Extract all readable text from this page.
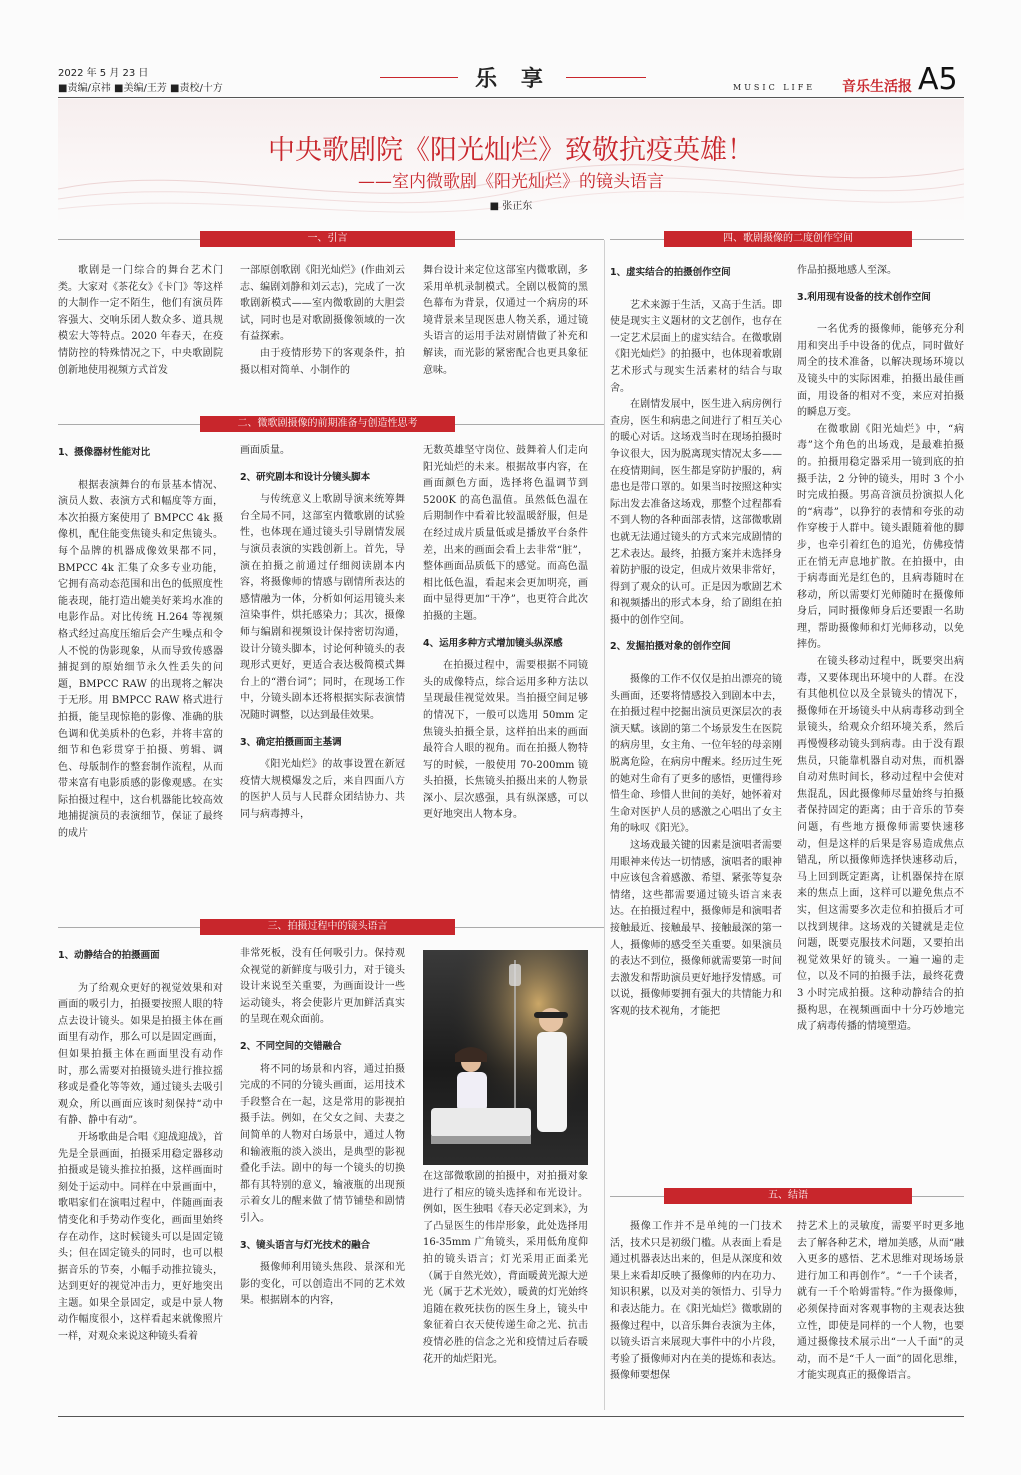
2022 年 5 月 23 日
■责编/京祎 ■美编/王芳 ■责校/十方	乐 享	MUSIC LIFE 音乐生活报 A5
中央歌剧院《阳光灿烂》致敬抗疫英雄！
——室内微歌剧《阳光灿烂》的镜头语言
■ 张正东
一、引言	四、歌剧摄像的二度创作空间

歌剧是一门综合的舞台艺术门类。大家对《茶花女》《卡门》等这样的大制作一定不陌生，他们有演员阵容强大、交响乐团人数众多、道具规模宏大等特点。2020 年春天，在疫情防控的特殊情况之下，中央歌剧院创新地使用视频方式首发

一部原创歌剧《阳光灿烂》(作曲刘云志、编剧刘静和刘云志)，完成了一次歌剧新模式——室内微歌剧的大胆尝试，同时也是对歌剧摄像领域的一次有益探索。

由于疫情形势下的客观条件，拍摄以相对简单、小制作的

舞台设计来定位这部室内微歌剧，多采用单机录制模式。全剧以极简的黑色幕布为背景，仅通过一个病房的环境背景来呈现医患人物关系，通过镜头语言的运用手法对剧情做了补充和解读，而光影的紧密配合也更具象征意味。

二、微歌剧摄像的前期准备与创造性思考

1、摄像器材性能对比

根据表演舞台的布景基本情况、演员人数、表演方式和幅度等方面，本次拍摄方案使用了 BMPCC 4k 摄像机，配住能变焦镜头和定焦镜头。每个品牌的机器成像效果都不同，BMPCC 4k 汇集了众多专业功能，它拥有高动态范围和出色的低照度性能表现，能打造出媲美好莱坞水准的电影作品。对比传统 H.264 等视频格式经过高度压缩后会产生噪点和令人不悦的伪影现象，从而导致传感器捕捉到的原始细节永久性丢失的问题，BMPCC RAW 的出现将之解决于无形。用 BMPCC RAW 格式进行拍摄，能呈现惊艳的影像、准确的肤色调和优美质朴的色彩，并将丰富的细节和色彩贯穿于拍摄、剪辑、调色、母版制作的整套制作流程，从而带来富有电影质感的影像观感。在实际拍摄过程中，这台机器能比较高效地捕捉演员的表演细节，保证了最终的成片

画面质量。

2、研究剧本和设计分镜头脚本

与传统意义上歌剧导演来统筹舞台全局不同，这部室内微歌剧的试验性，也体现在通过镜头引导剧情发展与演员表演的实践创新上。首先，导演在拍摄之前通过仔细阅读剧本内容，将摄像师的情感与剧情所表达的感情融为一体，分析如何运用镜头来渲染事件，烘托感染力；其次，摄像师与编剧和视频设计保持密切沟通，设计分镜头脚本，讨论何种镜头的表现形式更好，更适合表达极简模式舞台上的“潜台词”；同时，在现场工作中，分镜头剧本还将根据实际表演情况随时调整，以达到最佳效果。

3、确定拍摄画面主基调

《阳光灿烂》的故事设置在新冠疫情大规模爆发之后，来自四面八方的医护人员与人民群众团结协力、共同与病毒搏斗，

无数英雄坚守岗位、鼓舞着人们走向阳光灿烂的未来。根据故事内容，在画面颜色方面，选择将色温调节到 5200K 的高色温值。虽然低色温在后期制作中看着比较温暖舒服，但是在经过成片质量低或是播放平台条件差，出来的画面会看上去非常“脏”，整体画面品质低下的感觉。而高色温相比低色温，看起来会更加明亮，画面中显得更加“干净”，也更符合此次拍摄的主题。

4、运用多种方式增加镜头纵深感

在拍摄过程中，需要根据不同镜头的成像特点，综合运用多种方法以呈现最佳视觉效果。当拍摄空间足够的情况下，一般可以选用 50mm 定焦镜头拍摄全景，这样拍出来的画面最符合人眼的视角。而在拍摄人物特写的时候，一般使用 70-200mm 镜头拍摄，长焦镜头拍摄出来的人物景深小、层次感强，具有纵深感，可以更好地突出人物本身。

三、拍摄过程中的镜头语言

1、动静结合的拍摄画面

为了给观众更好的视觉效果和对画面的吸引力，拍摄要按照人眼的特点去设计镜头。如果是拍摄主体在画面里有动作，那么可以是固定画面，但如果拍摄主体在画面里没有动作时，那么需要对拍摄镜头进行推拉摇移或是叠化等等效，通过镜头去吸引观众，所以画面应该时刻保持“动中有静、静中有动”。

开场歌曲是合唱《迎战迎战》，首先是全景画面，拍摄采用稳定器移动拍摄或是镜头推拉拍摄，这样画面时刻处于运动中。同样在中景画面中，歌唱家们在演唱过程中，伴随画面表情变化和手势动作变化，画面里始终存在动作，这时候镜头可以是固定镜头；但在固定镜头的同时，也可以根据音乐的节奏，小幅手动推拉镜头，达到更好的视觉冲击力，更好地突出主题。如果全景固定，或是中景人物动作幅度很小，这样看起来就像照片一样，对观众来说这种镜头看着

非常死板，没有任何吸引力。保持观众视觉的新鲜度与吸引力，对于镜头设计来说至关重要，为画面设计一些运动镜头，将会使影片更加鲜活真实的呈现在观众面前。

2、不同空间的交错融合

将不同的场景和内容，通过拍摄完成的不同的分镜头画面，运用技术手段整合在一起，这是常用的影视拍摄手法。例如，在父女之间、夫妻之间简单的人物对白场景中，通过人物和输液瓶的淡入淡出，是典型的影视叠化手法。剧中的每一个镜头的切换都有其特别的意义，输液瓶的出现预示着女儿的醒来做了情节铺垫和剧情引入。

3、镜头语言与灯光技术的融合

摄像师利用镜头焦段、景深和光影的变化，可以创造出不同的艺术效果。根据剧本的内容，

在这部微歌剧的拍摄中，对拍摄对象进行了相应的镜头选择和布光设计。例如，医生独唱《春天必定到来》，为了凸显医生的伟岸形象，此处选择用 16-35mm 广角镜头，采用低角度仰拍的镜头语言；灯光采用正面柔光（属于自然光效），背面暖黄光源大逆光（属于艺术光效），暖黄的灯光始终追随在救死扶伤的医生身上，镜头中象征着白衣天使传递生命之光、抗击疫情必胜的信念之光和疫情过后春暖花开的灿烂阳光。

1、虚实结合的拍摄创作空间

艺术来源于生活，又高于生活。即使是现实主义题材的文艺创作，也存在一定艺术层面上的虚实结合。在微歌剧《阳光灿烂》的拍摄中，也体现着歌剧艺术形式与现实生活素材的结合与取舍。

在剧情发展中，医生进入病房例行查房，医生和病患之间进行了相互关心的暖心对话。这场戏当时在现场拍摄时争议很大，因为脱离现实情况太多——在疫情期间，医生都是穿防护服的，病患也是带口罩的。如果当时按照这种实际出发去准备这场戏，那整个过程都看不到人物的各种面部表情，这部微歌剧也就无法通过镜头的方式来完成剧情的艺术表达。最终，拍摄方案并未选择身着防护服的设定，但成片效果非常好，得到了观众的认可。正是因为歌剧艺术和视频播出的形式本身，给了剧组在拍摄中的创作空间。

2、发掘拍摄对象的创作空间

摄像的工作不仅仅是拍出漂亮的镜头画面，还要将情感投入到剧本中去，在拍摄过程中挖掘出演员更深层次的表演天赋。该剧的第二个场景发生在医院的病房里，女主角、一位年轻的母亲刚脱离危险，在病房中醒来。经历过生死的她对生命有了更多的感悟，更懂得珍惜生命、珍惜人世间的美好，她怀着对生命对医护人员的感激之心唱出了女主角的咏叹《阳光》。

这场戏最关键的因素是演唱者需要用眼神来传达一切情感，演唱者的眼神中应该包含着感激、希望、紧张等复杂情绪，这些都需要通过镜头语言来表达。在拍摄过程中，摄像师是和演唱者接触最近、接触最早、接触最深的第一人，摄像师的感受至关重要。如果演员的表达不到位，摄像师就需要第一时间去激发和帮助演员更好地抒发情感。可以说，摄像师要拥有强大的共情能力和客观的技术视角，才能把

作品拍摄地感人至深。

3.利用现有设备的技术创作空间

一名优秀的摄像师，能够充分利用和突出手中设备的优点，同时做好周全的技术准备，以解决现场环境以及镜头中的实际困难，拍摄出最佳画面，用设备的相对不变，来应对拍摄的瞬息万变。

在微歌剧《阳光灿烂》中，“病毒”这个角色的出场戏，是最难拍摄的。拍摄用稳定器采用一镜到底的拍摄手法，2 分钟的镜头，用时 3 个小时完成拍摄。男高音演员扮演拟人化的“病毒”，以狰狞的表情和夸张的动作穿梭于人群中。镜头跟随着他的脚步，也牵引着红色的追光，仿佛疫情正在悄无声息地扩散。在拍摄中，由于病毒面光是红色的，且病毒随时在移动，所以需要灯光师随时在摄像师身后，同时摄像师身后还要跟一名助理，帮助摄像师和灯光师移动，以免摔伤。

在镜头移动过程中，既要突出病毒，又要体现出环境中的人群。在没有其他机位以及全景镜头的情况下，摄像师在开场镜头中从病毒移动到全景镜头，给观众介绍环境关系，然后再慢慢移动镜头到病毒。由于没有跟焦员，只能靠机器自动对焦，而机器自动对焦时间长，移动过程中会使对焦混乱，因此摄像师尽量始终与拍摄者保持固定的距离；由于音乐的节奏问题，有些地方摄像师需要快速移动，但是这样的后果是容易造成焦点错乱，所以摄像师选择快速移动后，马上回到既定距离，让机器保持在原来的焦点上面，这样可以避免焦点不实，但这需要多次走位和拍摄后才可以找到规律。这场戏的关键就是走位问题，既要克服技术问题，又要拍出视觉效果好的镜头。一遍一遍的走位，以及不同的拍摄手法，最终花费 3 小时完成拍摄。这种动静结合的拍摄构思，在视频画面中十分巧妙地完成了病毒传播的情境塑造。

五、结语

摄像工作并不是单纯的一门技术活，技术只是初级门槛。从表面上看是通过机器表达出来的，但是从深度和效果上来看却反映了摄像师的内在功力、知识积累，以及对美的领悟力、引导力和表达能力。在《阳光灿烂》微歌剧的摄像过程中，以音乐舞台表演为主体，以镜头语言来展现大事件中的小片段，考验了摄像师对内在美的提炼和表达。摄像师要想保

持艺术上的灵敏度，需要平时更多地去了解各种艺术，增加美感，从而“融入更多的感悟、艺术思维对现场场景进行加工和再创作”。“一千个读者，就有一千个哈姆雷特。”作为摄像师，必须保持面对客观事物的主观表达独立性，即使是同样的一个人物，也要通过摄像技术展示出“一人千面”的灵动，而不是“千人一面”的固化思维，才能实现真正的摄像语言。
